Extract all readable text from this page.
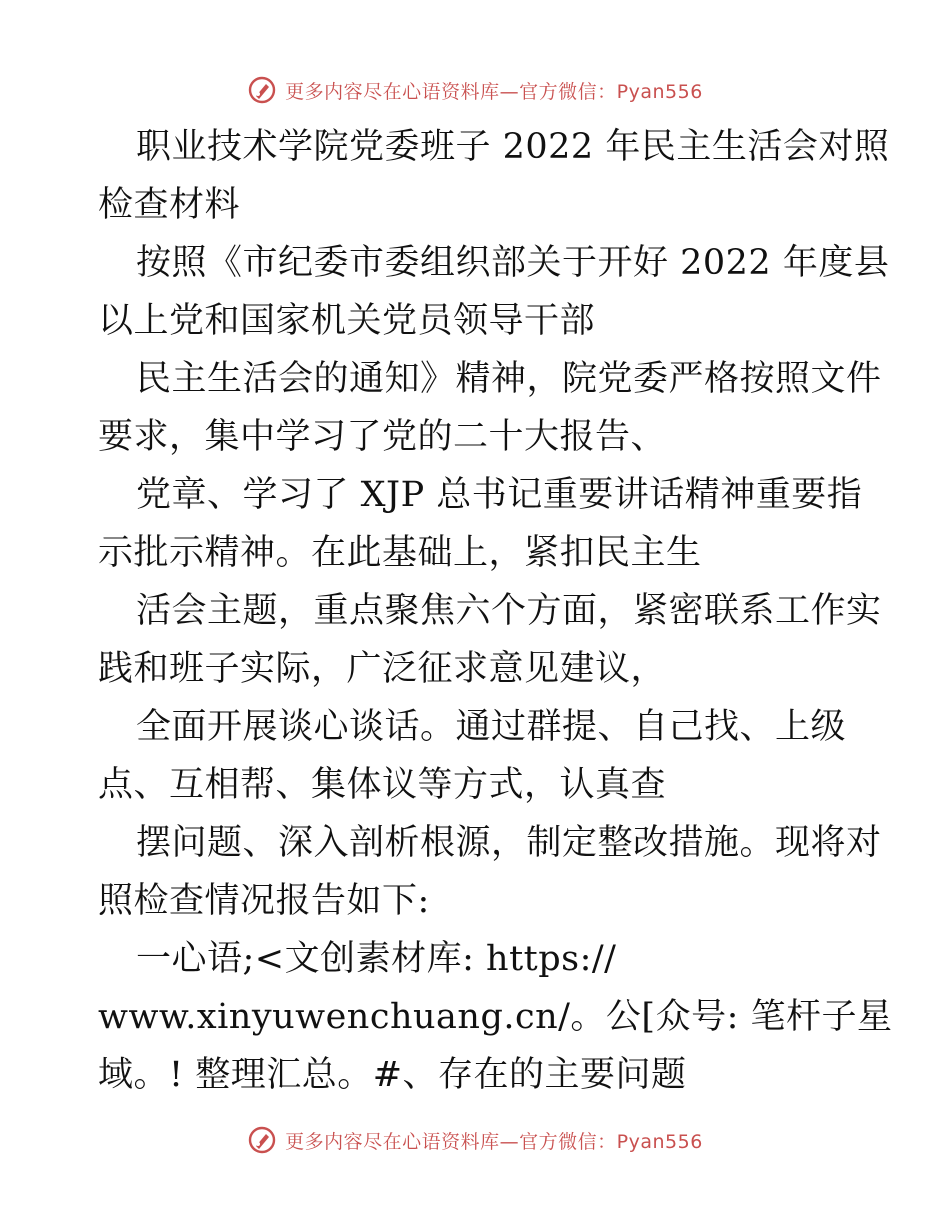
更多内容尽在心语资料库—官方微信：Pyan556
职业技术学院党委班子 2022 年民主生活会对照
检查材料
按照《市纪委市委组织部关于开好 2022 年度县
以上党和国家机关党员领导干部
民主生活会的通知》精神，院党委严格按照文件
要求，集中学习了党的二十大报告、
党章、学习了 XJP 总书记重要讲话精神重要指
示批示精神。在此基础上，紧扣民主生
活会主题，重点聚焦六个方面，紧密联系工作实
践和班子实际，广泛征求意见建议，
全面开展谈心谈话。通过群提、自己找、上级
点、互相帮、集体议等方式，认真查
摆问题、深入剖析根源，制定整改措施。现将对
照检查情况报告如下:
一心语;<文创素材库: https://
www.xinyuwenchuang.cn/。公[众号: 笔杆子星
域。! 整理汇总。#、存在的主要问题
更多内容尽在心语资料库—官方微信：Pyan556
